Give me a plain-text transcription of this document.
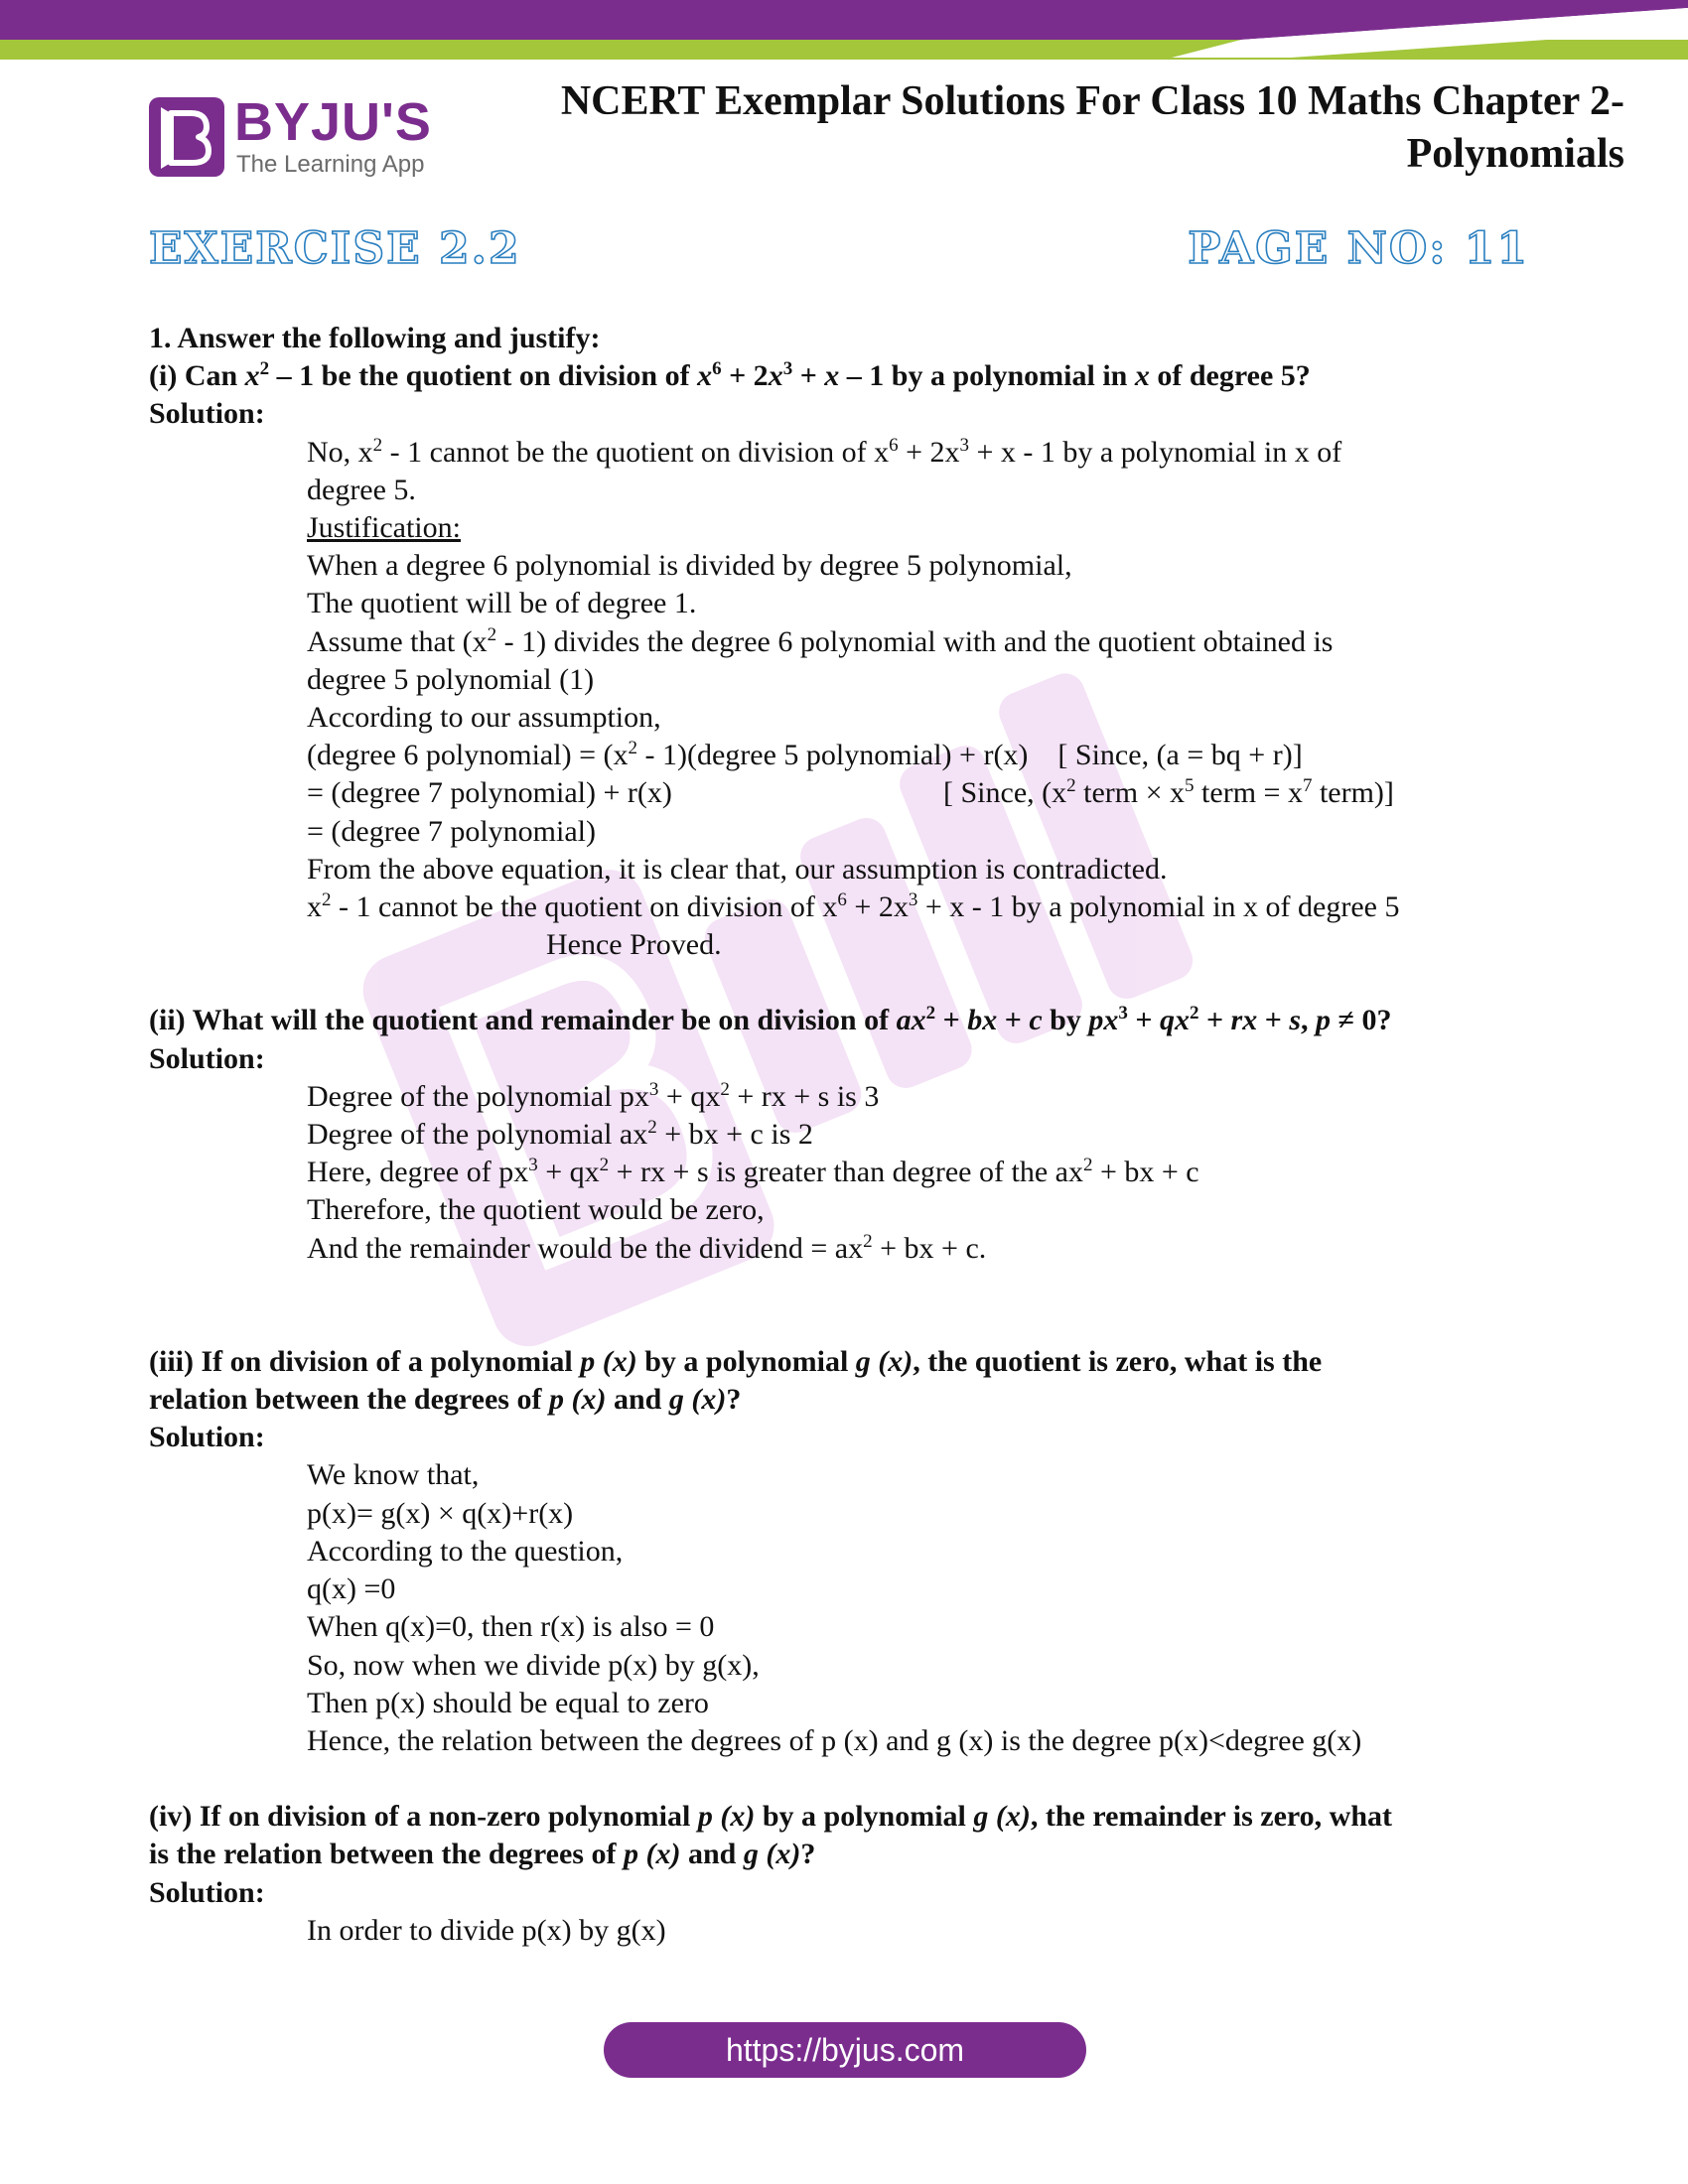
BYJU'S
The Learning App
NCERT Exemplar Solutions For Class 10 Maths Chapter 2-
Polynomials
EXERCISE 2.2	PAGE NO: 11

1. Answer the following and justify:

(i) Can $x^2 - 1$ be the quotient on division of $x^6 + 2x^3 + x - 1$ by a polynomial in x of degree 5?

Solution:

No, $x^2 - 1$ cannot be the quotient on division of $x^6 + 2x^3 + x - 1$ by a polynomial in x of

degree 5.

Justification:

When a degree 6 polynomial is divided by degree 5 polynomial,

The quotient will be of degree 1.

Assume that $(x^2 - 1)$ divides the degree 6 polynomial with and the quotient obtained is

degree 5 polynomial (1)

According to our assumption,

(degree 6 polynomial) = ($x^2$ - 1)(degree 5 polynomial) + r(x)    [ Since, (a = bq + r)]

= (degree 7 polynomial) + r(x)	[ Since, ($x^2$ term × $x^5$ term = $x^7$ term)]

= (degree 7 polynomial)

From the above equation, it is clear that, our assumption is contradicted.

$x^2 - 1$ cannot be the quotient on division of $x^6 + 2x^3 + x - 1$ by a polynomial in x of degree 5

Hence Proved.

(ii) What will the quotient and remainder be on division of $ax^2$ + bx + c by $px^3 + qx^2$ + rx + s, p ≠ 0?

Solution:

Degree of the polynomial $px^3 + qx^2$ + rx + s is 3

Degree of the polynomial $ax^2$ + bx + c is 2

Here, degree of $px^3 + qx^2$ + rx + s is greater than degree of the $ax^2$ + bx + c

Therefore, the quotient would be zero,

And the remainder would be the dividend = $ax^2$ + bx + c.

(iii) If on division of a polynomial p (x) by a polynomial g (x), the quotient is zero, what is the

relation between the degrees of p (x) and g (x)?

Solution:

We know that,

p(x)= g(x) × q(x)+r(x)

According to the question,

q(x) =0

When q(x)=0, then r(x) is also = 0

So, now when we divide p(x) by g(x),

Then p(x) should be equal to zero

Hence, the relation between the degrees of p (x) and g (x) is the degree p(x)<degree g(x)

(iv) If on division of a non-zero polynomial p (x) by a polynomial g (x), the remainder is zero, what

is the relation between the degrees of p (x) and g (x)?

Solution:

In order to divide p(x) by g(x)

https://byjus.com
